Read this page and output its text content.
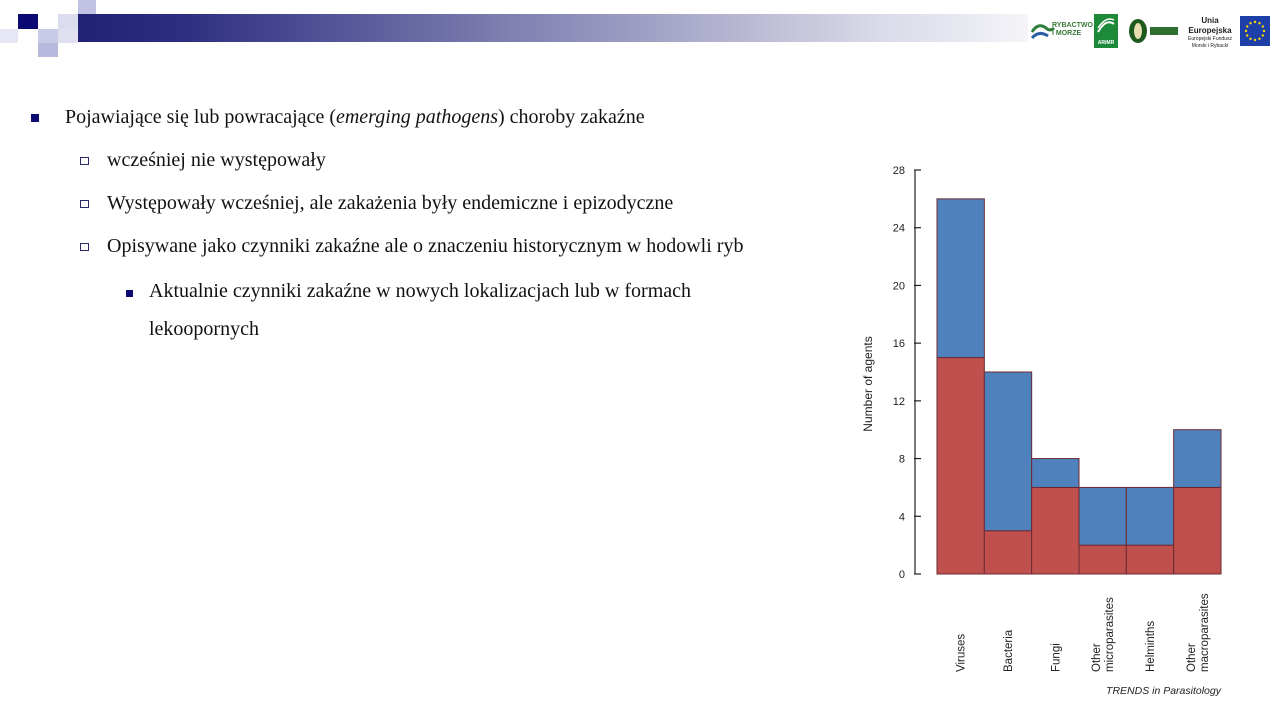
RYBACTWO
I MORZE
ARiMR
Unia Europejska
Europejski Fundusz
Morski i Rybacki
Pojawiające się lub powracające (emerging pathogens) choroby zakaźne
wcześniej nie występowały
Występowały wcześniej, ale zakażenia były endemiczne i epizodyczne
Opisywane jako czynniki zakaźne ale o znaczeniu historycznym w hodowli ryb
Aktualnie czynniki zakaźne w nowych lokalizacjach lub w formach
lekoopornych
0
4
8
12
16
20
24
28
Number of agents
Viruses	Bacteria	Fungi	Other microparasites	Helminths	Other macroparasites
TRENDS in Parasitology
